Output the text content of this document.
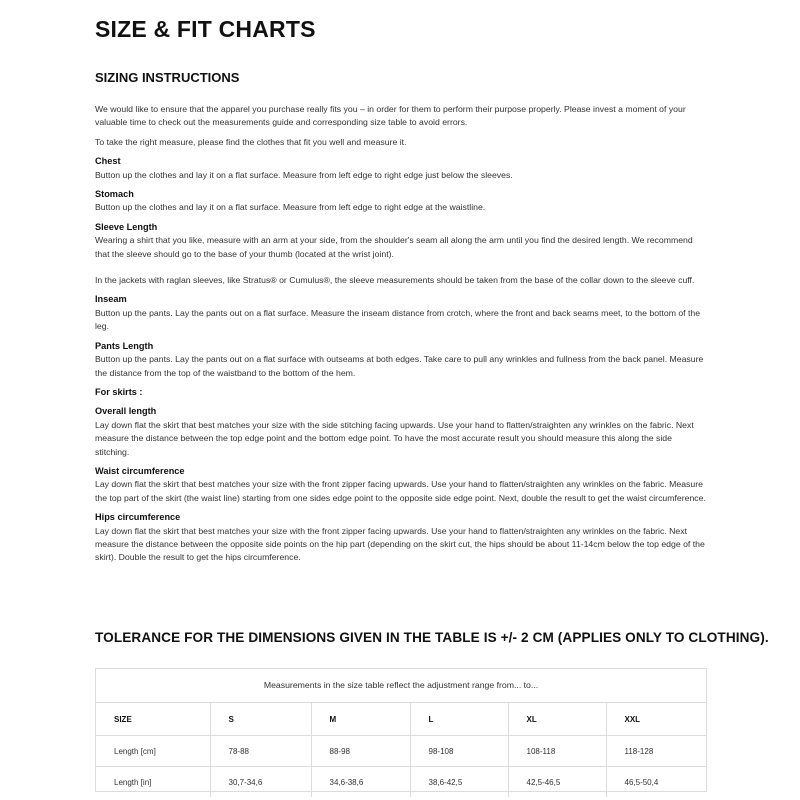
SIZE & FIT CHARTS
SIZING INSTRUCTIONS

We would like to ensure that the apparel you purchase really fits you – in order for them to perform their purpose properly. Please invest a moment of your valuable time to check out the measurements guide and corresponding size table to avoid errors.

To take the right measure, please find the clothes that fit you well and measure it.

Chest

Button up the clothes and lay it on a flat surface. Measure from left edge to right edge just below the sleeves.

Stomach

Button up the clothes and lay it on a flat surface. Measure from left edge to right edge at the waistline.

Sleeve Length

Wearing a shirt that you like, measure with an arm at your side, from the shoulder's seam all along the arm until you find the desired length. We recommend that the sleeve should go to the base of your thumb (located at the wrist joint).

In the jackets with raglan sleeves, like Stratus® or Cumulus®, the sleeve measurements should be taken from the base of the collar down to the sleeve cuff.

Inseam

Button up the pants. Lay the pants out on a flat surface. Measure the inseam distance from crotch, where the front and back seams meet, to the bottom of the leg.

Pants Length

Button up the pants. Lay the pants out on a flat surface with outseams at both edges. Take care to pull any wrinkles and fullness from the back panel. Measure the distance from the top of the waistband to the bottom of the hem.

For skirts :
Overall length

Lay down flat the skirt that best matches your size with the side stitching facing upwards. Use your hand to flatten/straighten any wrinkles on the fabric. Next measure the distance between the top edge point and the bottom edge point. To have the most accurate result you should measure this along the side stitching.

Waist circumference

Lay down flat the skirt that best matches your size with the front zipper facing upwards. Use your hand to flatten/straighten any wrinkles on the fabric. Measure the top part of the skirt (the waist line) starting from one sides edge point to the opposite side edge point. Next, double the result to get the waist circumference.

Hips circumference

Lay down flat the skirt that best matches your size with the front zipper facing upwards. Use your hand to flatten/straighten any wrinkles on the fabric. Next measure the distance between the opposite side points on the hip part (depending on the skirt cut, the hips should be about 11-14cm below the top edge of the skirt). Double the result to get the hips circumference.

TOLERANCE FOR THE DIMENSIONS GIVEN IN THE TABLE IS +/- 2 CM (APPLIES ONLY TO CLOTHING).
Measurements in the size table reflect the adjustment range from... to...
SIZE	S	M	L	XL	XXL
Length [cm]	78-88	88-98	98-108	108-118	118-128
Length [in]	30,7-34,6	34,6-38,6	38,6-42,5	42,5-46,5	46,5-50,4
